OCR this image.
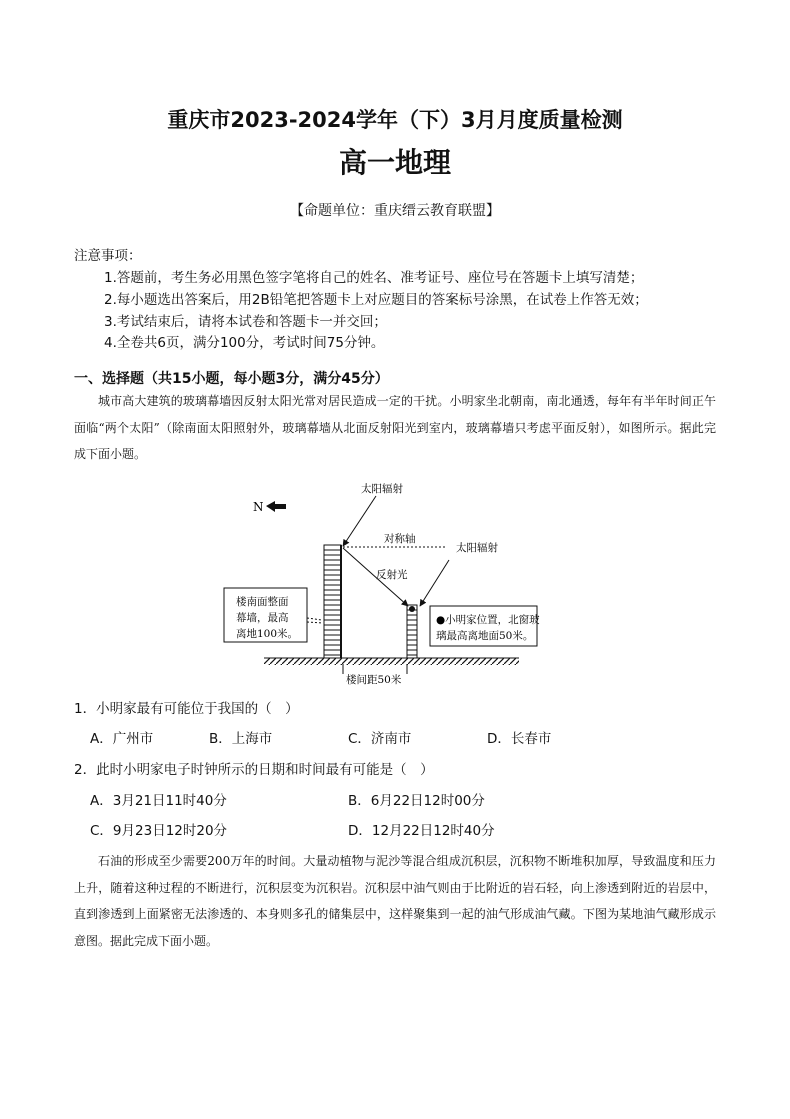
重庆市2023-2024学年（下）3月月度质量检测
高一地理
【命题单位：重庆缙云教育联盟】
注意事项：
1.答题前，考生务必用黑色签字笔将自己的姓名、准考证号、座位号在答题卡上填写清楚；
2.每小题选出答案后，用2B铅笔把答题卡上对应题目的答案标号涂黑，在试卷上作答无效；
3.考试结束后，请将本试卷和答题卡一并交回；
4.全卷共6页，满分100分，考试时间75分钟。
一、选择题（共15小题，每小题3分，满分45分）
城市高大建筑的玻璃幕墙因反射太阳光常对居民造成一定的干扰。小明家坐北朝南，南北通透，每年有半年时间正午面临“两个太阳”（除南面太阳照射外，玻璃幕墙从北面反射阳光到室内，玻璃幕墙只考虑平面反射），如图所示。据此完成下面小题。
N
太阳辐射
对称轴
反射光
太阳辐射
楼南面整面
幕墙，最高
离地100米。
●小明家位置，北窗玻
璃最高离地面50米。
楼间距50米
1．小明家最有可能位于我国的（　）
A．广州市	B．上海市	C．济南市	D．长春市
2．此时小明家电子时钟所示的日期和时间最有可能是（　）
A．3月21日11时40分	B．6月22日12时00分
C．9月23日12时20分	D．12月22日12时40分
石油的形成至少需要200万年的时间。大量动植物与泥沙等混合组成沉积层，沉积物不断堆积加厚，导致温度和压力上升，随着这种过程的不断进行，沉积层变为沉积岩。沉积层中油气则由于比附近的岩石轻，向上渗透到附近的岩层中，直到渗透到上面紧密无法渗透的、本身则多孔的储集层中，这样聚集到一起的油气形成油气藏。下图为某地油气藏形成示意图。据此完成下面小题。
